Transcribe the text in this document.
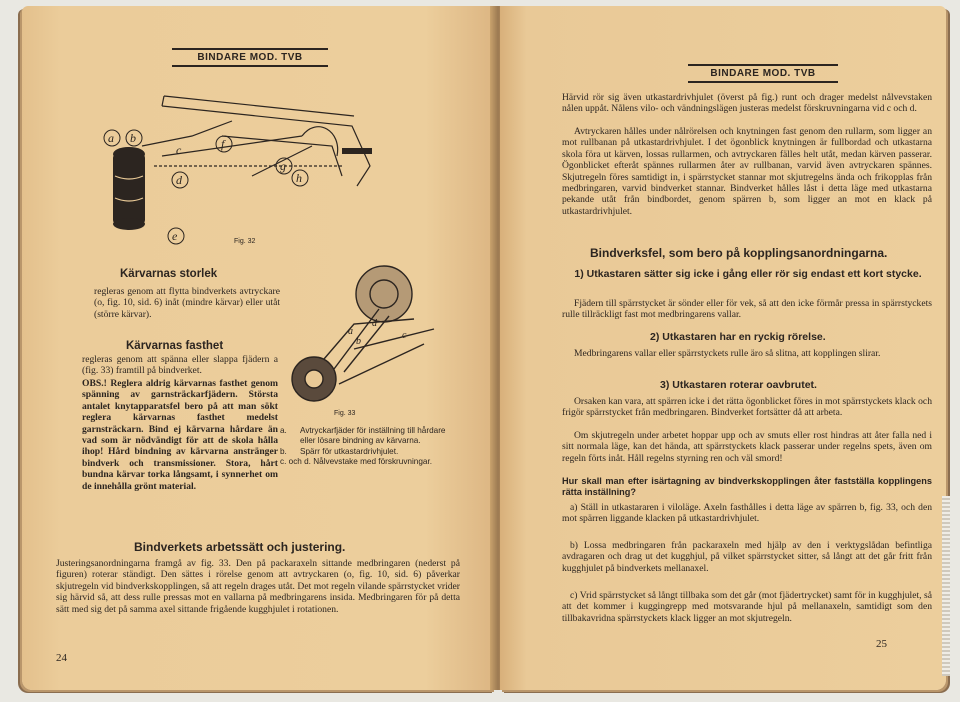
BINDARE MOD. TVB
a b
c
d
e
f
g
h
Fig. 32
Kärvarnas storlek
regleras genom att flytta bindverkets avtryckare (o, fig. 10, sid. 6) inåt (mindre kärvar) eller utåt (större kärvar).
Kärvarnas fasthet
regleras genom att spänna eller slappa fjädern a (fig. 33) framtill på bindverket.
OBS.! Reglera aldrig kärvarnas fasthet genom spänning av garnsträckarfjädern. Största antalet knytapparatsfel bero på att man sökt reglera kärvarnas fasthet medelst garnsträckarn. Bind ej kärvarna hårdare än vad som är nödvändigt för att de skola hålla ihop! Hård bindning av kärvarna anstränger bindverk och transmissioner. Stora, hårt bundna kärvar torka långsamt, i synnerhet om de innehålla grönt material.
a
b
c
d
Fig. 33
a.	Avtryckarfjäder för inställning till hårdare eller lösare bindning av kärvarna.
b.	Spärr för utkastardrivhjulet.
c. och d. Nålvevstake med förskruvningar.
Bindverkets arbetssätt och justering.
Justeringsanordningarna framgå av fig. 33. Den på packaraxeln sittande medbringaren (nederst på figuren) roterar ständigt. Den sättes i rörelse genom att avtryckaren (o, fig. 10, sid. 6) påverkar skjutregeln vid bindverkskopplingen, så att regeln drages utåt. Det mot regeln vilande spärrstycket vrider sig härvid så, att dess rulle pressas mot en vallarna på medbringarens insida. Medbringaren för på detta sätt med sig det på samma axel sittande frigående kugghjulet i rotationen.
24
BINDARE MOD. TVB
Härvid rör sig även utkastardrivhjulet (överst på fig.) runt och drager medelst nålvevstaken nålen uppåt. Nålens vilo- och vändningslägen justeras medelst förskruvningarna vid c och d.
Avtryckaren hålles under nålrörelsen och knytningen fast genom den rullarm, som ligger an mot rullbanan på utkastardrivhjulet. I det ögonblick knytningen är fullbordad och utkastarna skola föra ut kärven, lossas rullarmen, och avtryckaren fälles helt utåt, medan kärven passerar. Ögonblicket efteråt spännes rullarmen åter av rullbanan, varvid även avtryckaren spännes. Skjutregeln föres samtidigt in, i spärrstycket stannar mot skjutregelns ända och frikopplas från medbringaren, varvid bindverket stannar. Bindverket hålles låst i detta läge med utkastarna pekande utåt från bindbordet, genom spärren b, som ligger an mot en klack på utkastardrivhjulet.
Bindverksfel, som bero på kopplingsanordningarna.
1) Utkastaren sätter sig icke i gång eller rör sig endast ett kort stycke.
Fjädern till spärrstycket är sönder eller för vek, så att den icke förmår pressa in spärrstyckets rulle tillräckligt fast mot medbringarens vallar.
2) Utkastaren har en ryckig rörelse.
Medbringarens vallar eller spärrstyckets rulle äro så slitna, att kopplingen slirar.
3) Utkastaren roterar oavbrutet.
Orsaken kan vara, att spärren icke i det rätta ögonblicket föres in mot spärrstyckets klack och frigör spärrstycket från medbringaren. Bindverket fortsätter då att arbeta.
Om skjutregeln under arbetet hoppar upp och av smuts eller rost hindras att åter falla ned i sitt normala läge, kan det hända, att spärrstyckets klack passerar under regelns spets, även om regeln förts inåt. Håll regelns styrning ren och väl smord!
Hur skall man efter isärtagning av bindverkskopplingen åter fastställa kopplingens rätta inställning?
a) Ställ in utkastararen i viloläge. Axeln fasthålles i detta läge av spärren b, fig. 33, och den mot spärren liggande klacken på utkastardrivhjulet.
b) Lossa medbringaren från packaraxeln med hjälp av den i verktygslådan befintliga avdragaren och drag ut det kugghjul, på vilket spärrstycket sitter, så långt att det går fritt från kugghjulet på bindverkets mellanaxel.
c) Vrid spärrstycket så långt tillbaka som det går (mot fjädertrycket) samt för in kugghjulet, så att det kommer i kuggingrepp med motsvarande hjul på mellanaxeln, samtidigt som den tillbakavridna spärrstyckets klack ligger an mot skjutregeln.
25
